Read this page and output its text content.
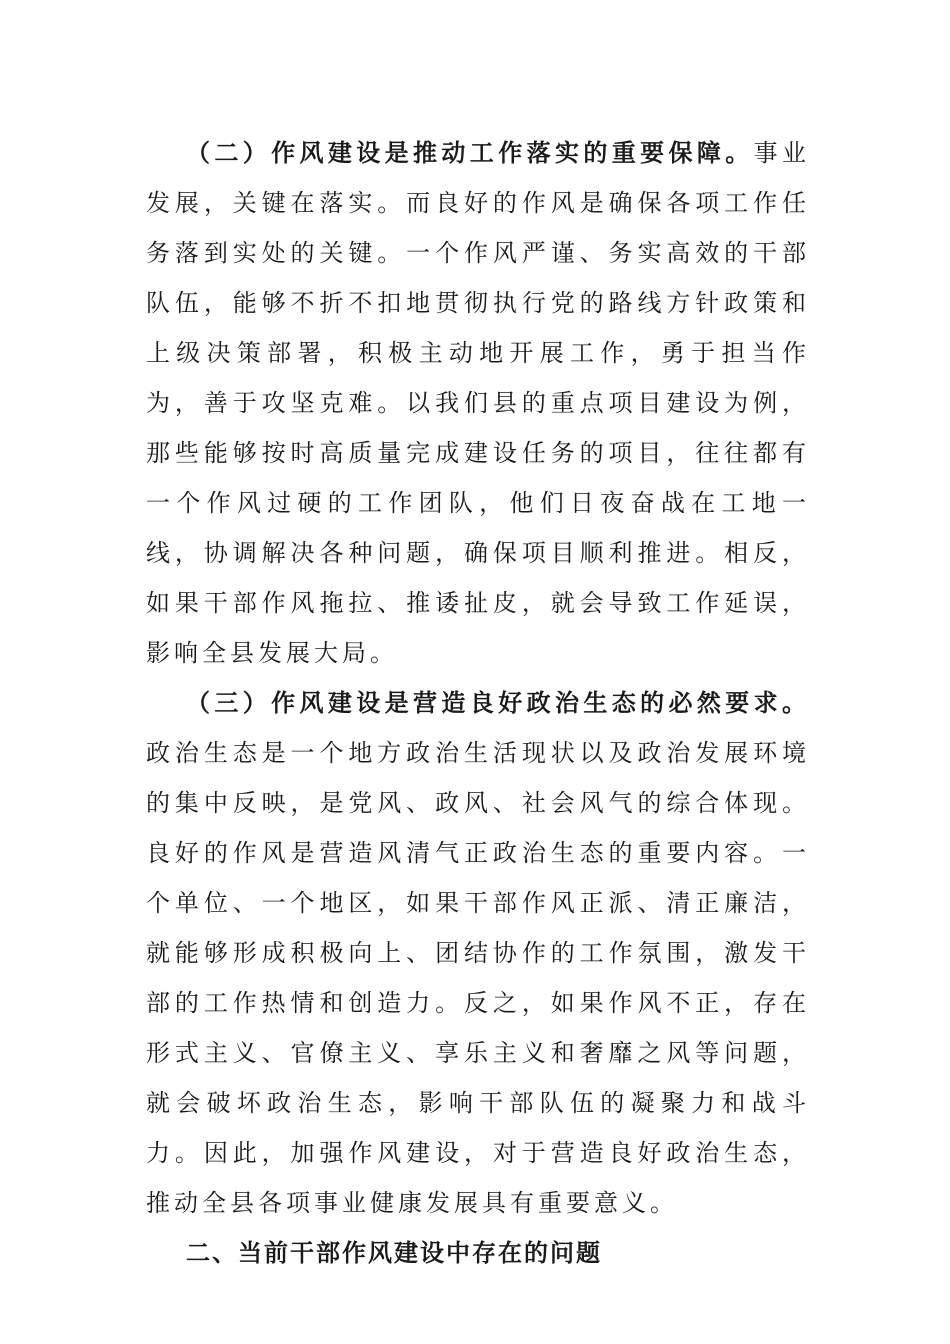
（二）作风建设是推动工作落实的重要保障。事业发展，关键在落实。而良好的作风是确保各项工作任务落到实处的关键。一个作风严谨、务实高效的干部队伍，能够不折不扣地贯彻执行党的路线方针政策和上级决策部署，积极主动地开展工作，勇于担当作为，善于攻坚克难。以我们县的重点项目建设为例，那些能够按时高质量完成建设任务的项目，往往都有一个作风过硬的工作团队，他们日夜奋战在工地一线，协调解决各种问题，确保项目顺利推进。相反，如果干部作风拖拉、推诿扯皮，就会导致工作延误，影响全县发展大局。

（三）作风建设是营造良好政治生态的必然要求。政治生态是一个地方政治生活现状以及政治发展环境的集中反映，是党风、政风、社会风气的综合体现。良好的作风是营造风清气正政治生态的重要内容。一个单位、一个地区，如果干部作风正派、清正廉洁，就能够形成积极向上、团结协作的工作氛围，激发干部的工作热情和创造力。反之，如果作风不正，存在形式主义、官僚主义、享乐主义和奢靡之风等问题，就会破坏政治生态，影响干部队伍的凝聚力和战斗力。因此，加强作风建设，对于营造良好政治生态，推动全县各项事业健康发展具有重要意义。

二、当前干部作风建设中存在的问题
